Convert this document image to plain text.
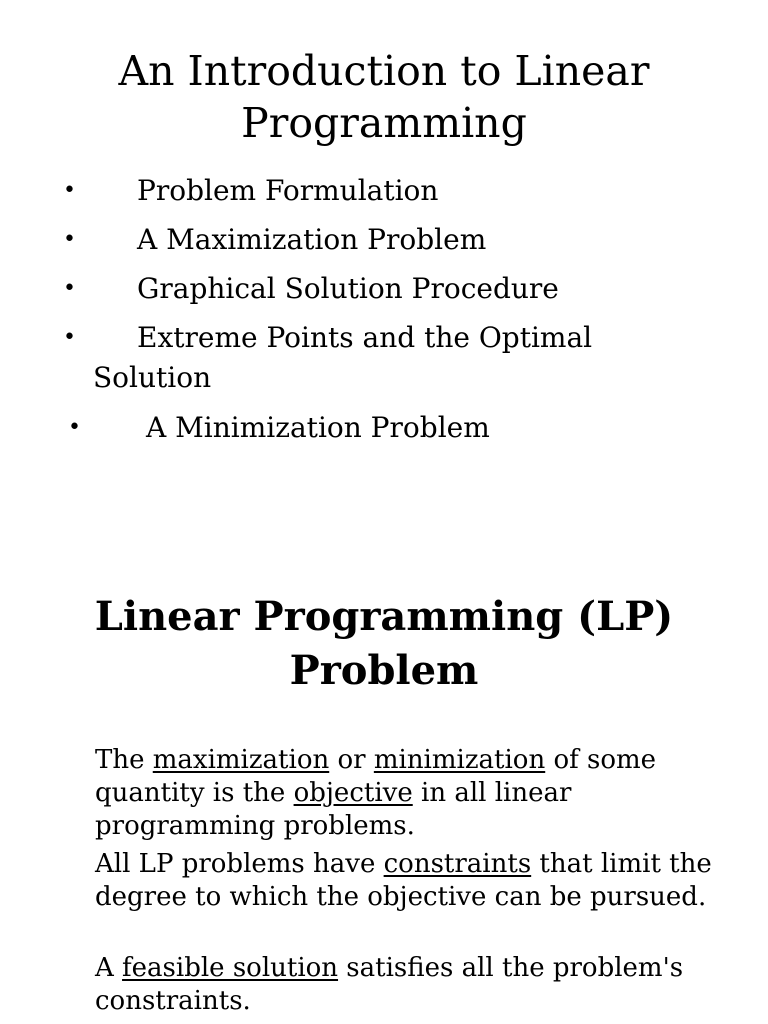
An Introduction to Linear
Programming
• Problem Formulation
• A Maximization Problem
• Graphical Solution Procedure
• Extreme Points and the Optimal
Solution
• A Minimization Problem
Linear Programming (LP)
Problem

The maximization or minimization of some quantity is the objective in all linear programming problems.

All LP problems have constraints that limit the degree to which the objective can be pursued.

A feasible solution satisfies all the problem's constraints.
